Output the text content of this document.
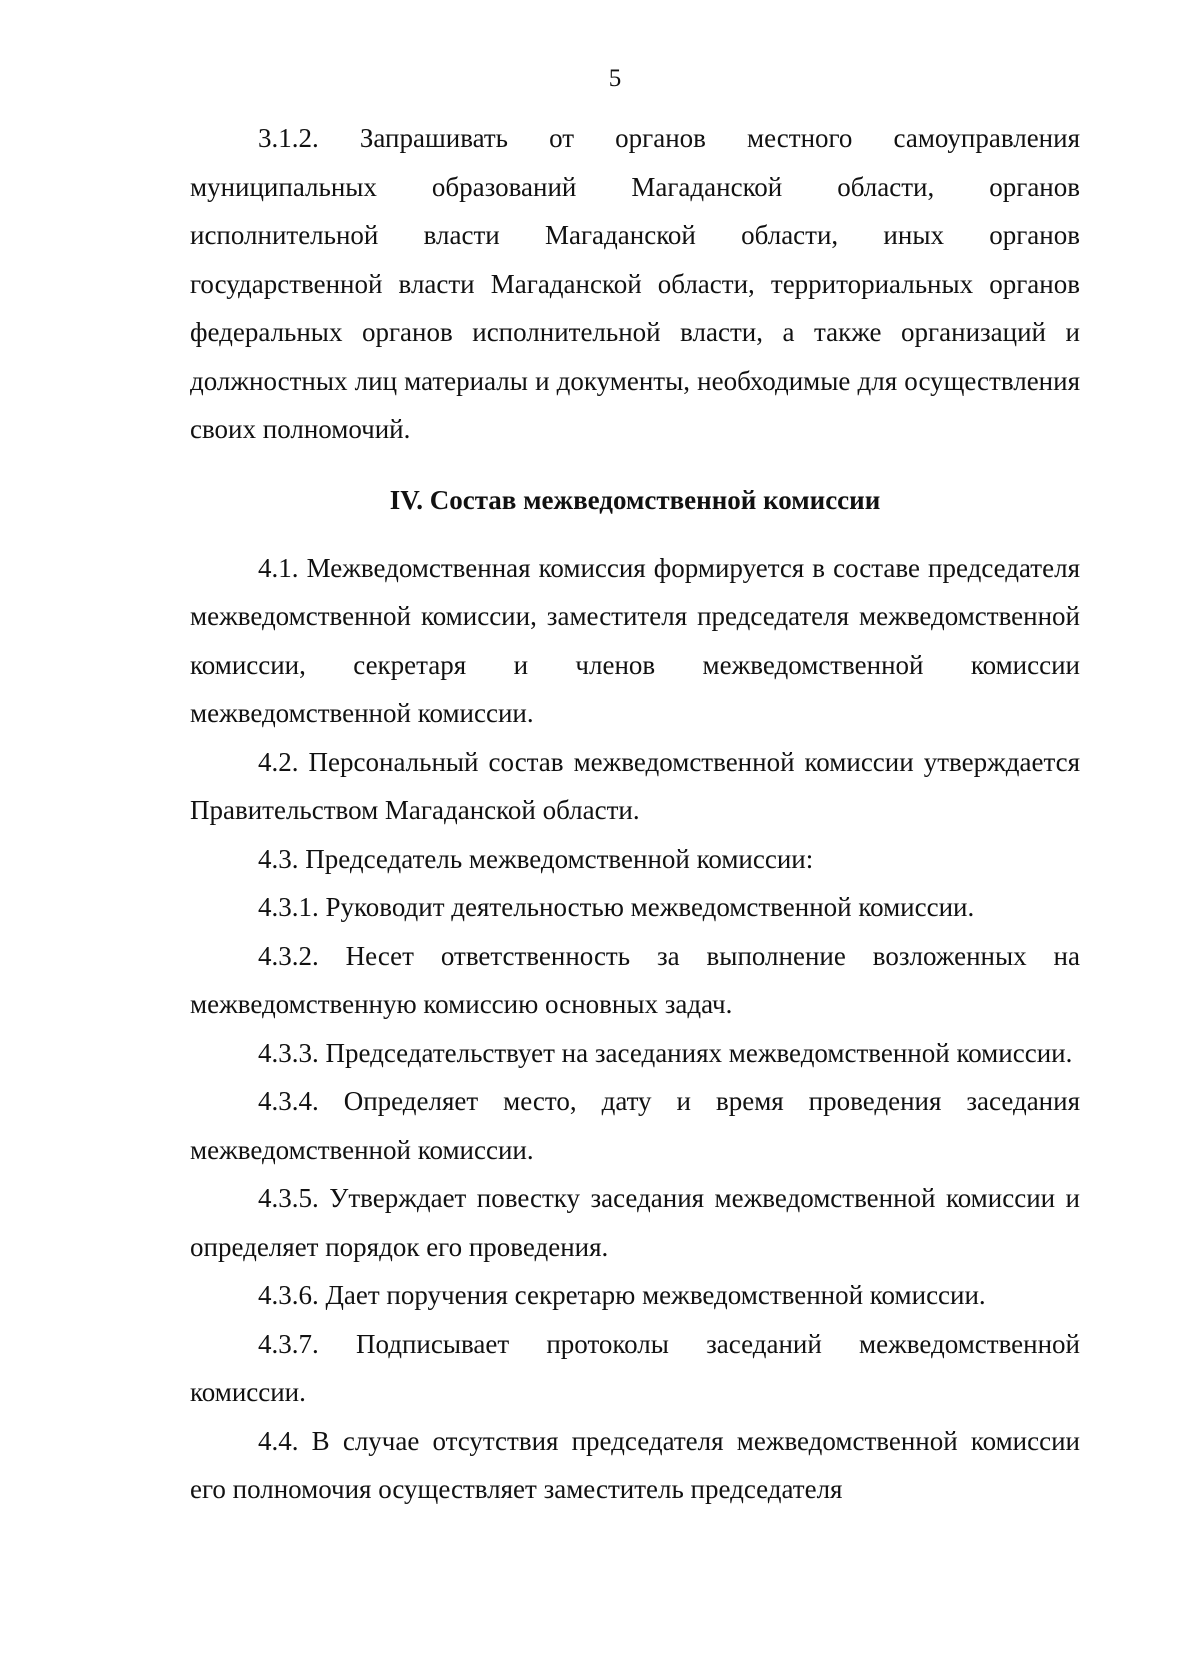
5

3.1.2. Запрашивать от органов местного самоуправления муниципальных образований Магаданской области, органов исполнительной власти Магаданской области, иных органов государственной власти Магаданской области, территориальных органов федеральных органов исполнительной власти, а также организаций и должностных лиц материалы и документы, необходимые для осуществления своих полномочий.

IV. Состав межведомственной комиссии

4.1. Межведомственная комиссия формируется в составе председателя межведомственной комиссии, заместителя председателя межведомственной комиссии, секретаря и членов межведомственной комиссии межведомственной комиссии.

4.2. Персональный состав межведомственной комиссии утверждается Правительством Магаданской области.

4.3. Председатель межведомственной комиссии:

4.3.1. Руководит деятельностью межведомственной комиссии.

4.3.2. Несет ответственность за выполнение возложенных на межведомственную комиссию основных задач.

4.3.3. Председательствует на заседаниях межведомственной комиссии.

4.3.4. Определяет место, дату и время проведения заседания межведомственной комиссии.

4.3.5. Утверждает повестку заседания межведомственной комиссии и определяет порядок его проведения.

4.3.6. Дает поручения секретарю межведомственной комиссии.

4.3.7. Подписывает протоколы заседаний межведомственной комиссии.

4.4. В случае отсутствия председателя межведомственной комиссии его полномочия осуществляет заместитель председателя
